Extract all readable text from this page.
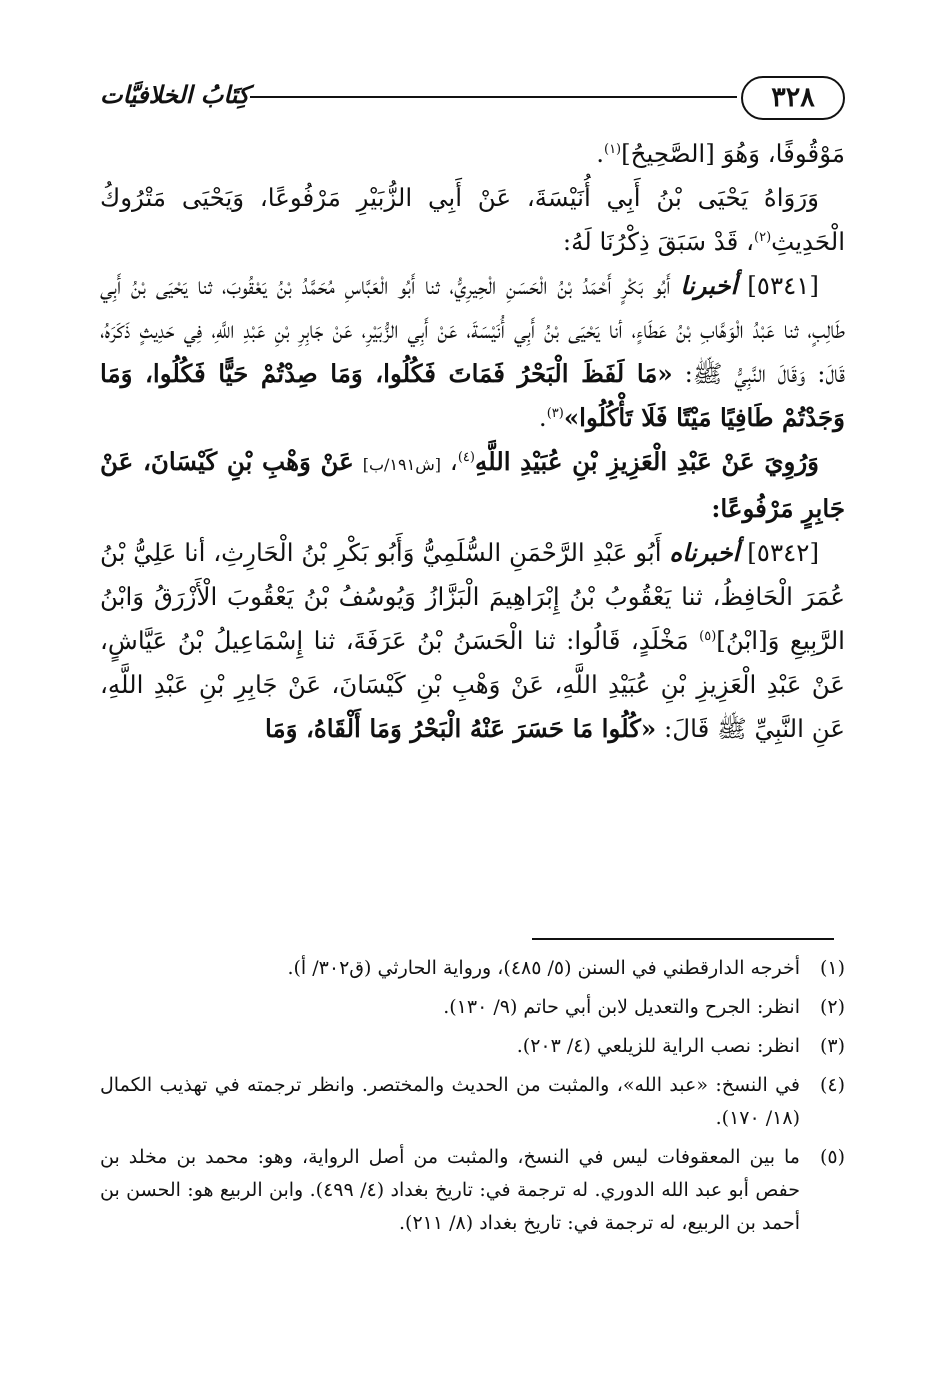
٣٢٨
كِتَابُ الخلافيَّات

مَوْقُوفًا، وَهُوَ [الصَّحِيحُ]$^{(١)}$.

وَرَوَاهُ يَحْيَى بْنُ أَبِي أُنَيْسَةَ، عَنْ أَبِي الزُّبَيْرِ مَرْفُوعًا، وَيَحْيَى مَتْرُوكُ الْحَدِيثِ$^{(٢)}$، قَدْ سَبَقَ ذِكْرُنَا لَهُ:

[٥٣٤١] أخبرنا أَبُو بَكْرٍ أَحْمَدُ بْنُ الْحَسَنِ الْحِيرِيُّ، ثنا أَبُو الْعَبَّاسِ مُحَمَّدُ بْنُ يَعْقُوبَ، ثنا يَحْيَى بْنُ أَبِي طَالِبٍ، ثنا عَبْدُ الْوَهَّابِ بْنُ عَطَاءٍ، أنا يَحْيَى بْنُ أَبِي أُنَيْسَةَ، عَنْ أَبِي الزُّبَيْرِ، عَنْ جَابِرِ بْنِ عَبْدِ اللَّهِ، فِي حَدِيثٍ ذَكَرَهُ، قَالَ: وَقَالَ النَّبِيُّ ﷺ: «مَا لَفَظَ الْبَحْرُ فَمَاتَ فَكُلُوا، وَمَا صِدْتُمْ حَيًّا فَكُلُوا، وَمَا وَجَدْتُمْ طَافِيًا مَيْتًا فَلَا تَأْكُلُوا»$^{(٣)}$.

وَرُوِيَ عَنْ عَبْدِ الْعَزِيزِ بْنِ عُبَيْدِ اللَّهِ$^{(٤)}$، [ش١٩١/ب] عَنْ وَهْبِ بْنِ كَيْسَانَ، عَنْ جَابِرٍ مَرْفُوعًا:

[٥٣٤٢] أخبرناه أَبُو عَبْدِ الرَّحْمَنِ السُّلَمِيُّ وَأَبُو بَكْرِ بْنُ الْحَارِثِ، أنا عَلِيُّ بْنُ عُمَرَ الْحَافِظُ، ثنا يَعْقُوبُ بْنُ إِبْرَاهِيمَ الْبَزَّازُ وَيُوسُفُ بْنُ يَعْقُوبَ الْأَزْرَقُ وَابْنُ الرَّبِيعِ وَ[ابْنُ]$^{(٥)}$ مَخْلَدٍ، قَالُوا: ثنا الْحَسَنُ بْنُ عَرَفَةَ، ثنا إِسْمَاعِيلُ بْنُ عَيَّاشٍ، عَنْ عَبْدِ الْعَزِيزِ بْنِ عُبَيْدِ اللَّهِ، عَنْ وَهْبِ بْنِ كَيْسَانَ، عَنْ جَابِرِ بْنِ عَبْدِ اللَّهِ، عَنِ النَّبِيِّ ﷺ قَالَ: «كُلُوا مَا حَسَرَ عَنْهُ الْبَحْرُ وَمَا أَلْقَاهُ، وَمَا

(١)
أخرجه الدارقطني في السنن (٥/ ٤٨٥)، ورواية الحارثي (ق٣٠٢/ أ).
(٢)
انظر: الجرح والتعديل لابن أبي حاتم (٩/ ١٣٠).
(٣)
انظر: نصب الراية للزيلعي (٤/ ٢٠٣).
(٤)
في النسخ: «عبد الله»، والمثبت من الحديث والمختصر. وانظر ترجمته في تهذيب الكمال (١٨/ ١٧٠).
(٥)
ما بين المعقوفات ليس في النسخ، والمثبت من أصل الرواية، وهو: محمد بن مخلد بن حفص أبو عبد الله الدوري. له ترجمة في: تاريخ بغداد (٤/ ٤٩٩). وابن الربيع هو: الحسن بن أحمد بن الربيع، له ترجمة في: تاريخ بغداد (٨/ ٢١١).
